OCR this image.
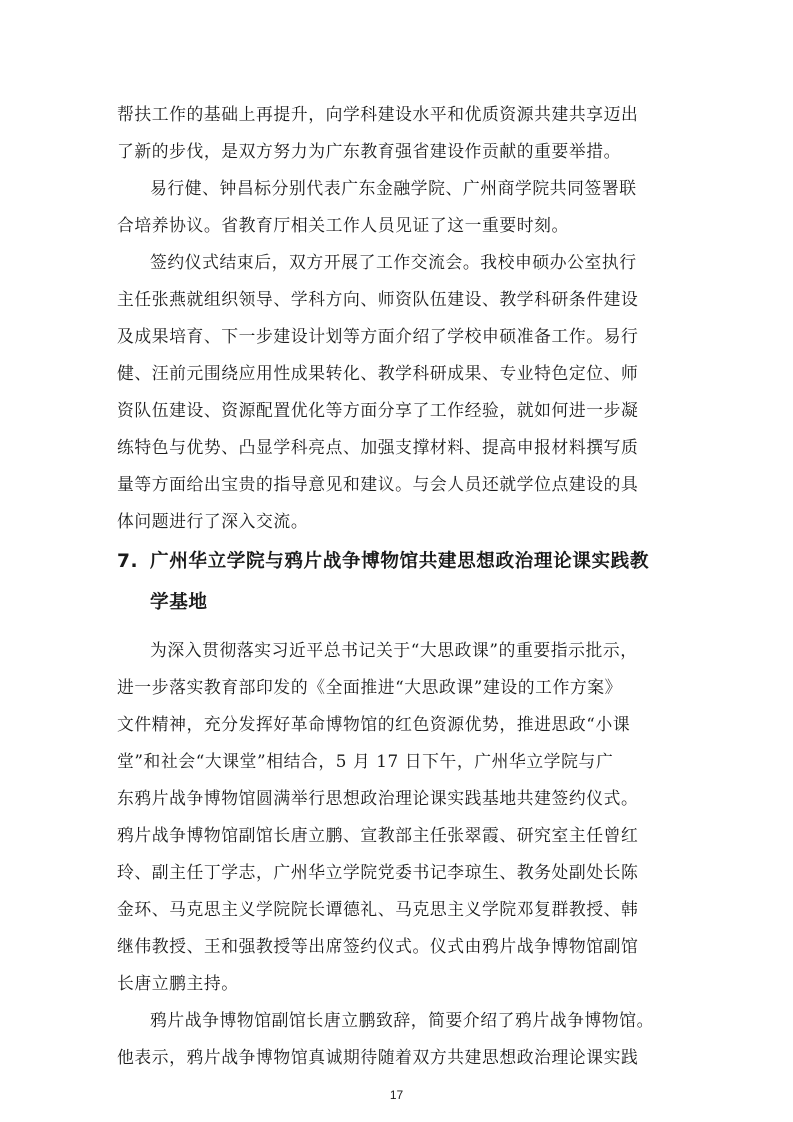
帮扶工作的基础上再提升，向学科建设水平和优质资源共建共享迈出
了新的步伐，是双方努力为广东教育强省建设作贡献的重要举措。
易行健、钟昌标分别代表广东金融学院、广州商学院共同签署联
合培养协议。省教育厅相关工作人员见证了这一重要时刻。
签约仪式结束后，双方开展了工作交流会。我校申硕办公室执行
主任张燕就组织领导、学科方向、师资队伍建设、教学科研条件建设
及成果培育、下一步建设计划等方面介绍了学校申硕准备工作。易行
健、汪前元围绕应用性成果转化、教学科研成果、专业特色定位、师
资队伍建设、资源配置优化等方面分享了工作经验，就如何进一步凝
练特色与优势、凸显学科亮点、加强支撑材料、提高申报材料撰写质
量等方面给出宝贵的指导意见和建议。与会人员还就学位点建设的具
体问题进行了深入交流。
7. 广州华立学院与鸦片战争博物馆共建思想政治理论课实践教
学基地
为深入贯彻落实习近平总书记关于“大思政课”的重要指示批示，
进一步落实教育部印发的《全面推进“大思政课”建设的工作方案》
文件精神，充分发挥好革命博物馆的红色资源优势，推进思政“小课
堂”和社会“大课堂”相结合，5 月 17 日下午，广州华立学院与广
东鸦片战争博物馆圆满举行思想政治理论课实践基地共建签约仪式。
鸦片战争博物馆副馆长唐立鹏、宣教部主任张翠霞、研究室主任曾红
玲、副主任丁学志，广州华立学院党委书记李琼生、教务处副处长陈
金环、马克思主义学院院长谭德礼、马克思主义学院邓复群教授、韩
继伟教授、王和强教授等出席签约仪式。仪式由鸦片战争博物馆副馆
长唐立鹏主持。
鸦片战争博物馆副馆长唐立鹏致辞，简要介绍了鸦片战争博物馆。
他表示，鸦片战争博物馆真诚期待随着双方共建思想政治理论课实践
17
